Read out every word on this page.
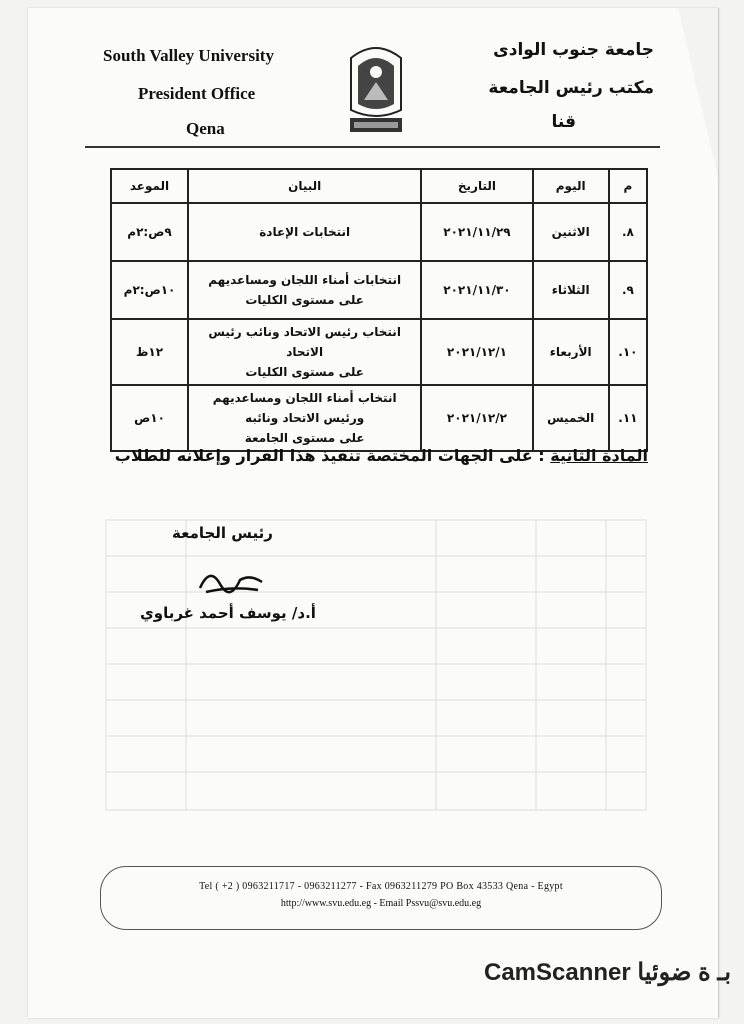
South Valley University
President Office
Qena
جامعة جنوب الوادى
مكتب رئيس الجامعة
قنا
م	اليوم	التاريخ	البيان	الموعد
٨.	الاثنين	٢٠٢١/١١/٢٩	انتخابات الإعادة	٩ص:٢م
٩.	الثلاثاء	٢٠٢١/١١/٣٠	انتخابات أمناء اللجان ومساعديهم
على مستوى الكليات	١٠ص:٢م
١٠.	الأربعاء	٢٠٢١/١٢/١	انتخاب رئيس الاتحاد ونائب رئيس الاتحاد
على مستوى الكليات	١٢ظ
١١.	الخميس	٢٠٢١/١٢/٢	انتخاب أمناء اللجان ومساعديهم ورئيس الاتحاد ونائبه
على مستوى الجامعة	١٠ص
المادة الثانية : على الجهات المختصة تنفيذ هذا القرار وإعلانه للطلاب
رئيس الجامعة
أ.د/ يوسف أحمد غرباوي
Tel ( +2 ) 0963211717 - 0963211277 - Fax 0963211279 PO Box 43533 Qena - Egypt
http://www.svu.edu.eg - Email Pssvu@svu.edu.eg
CamScanner بـ ة ضوئيا
